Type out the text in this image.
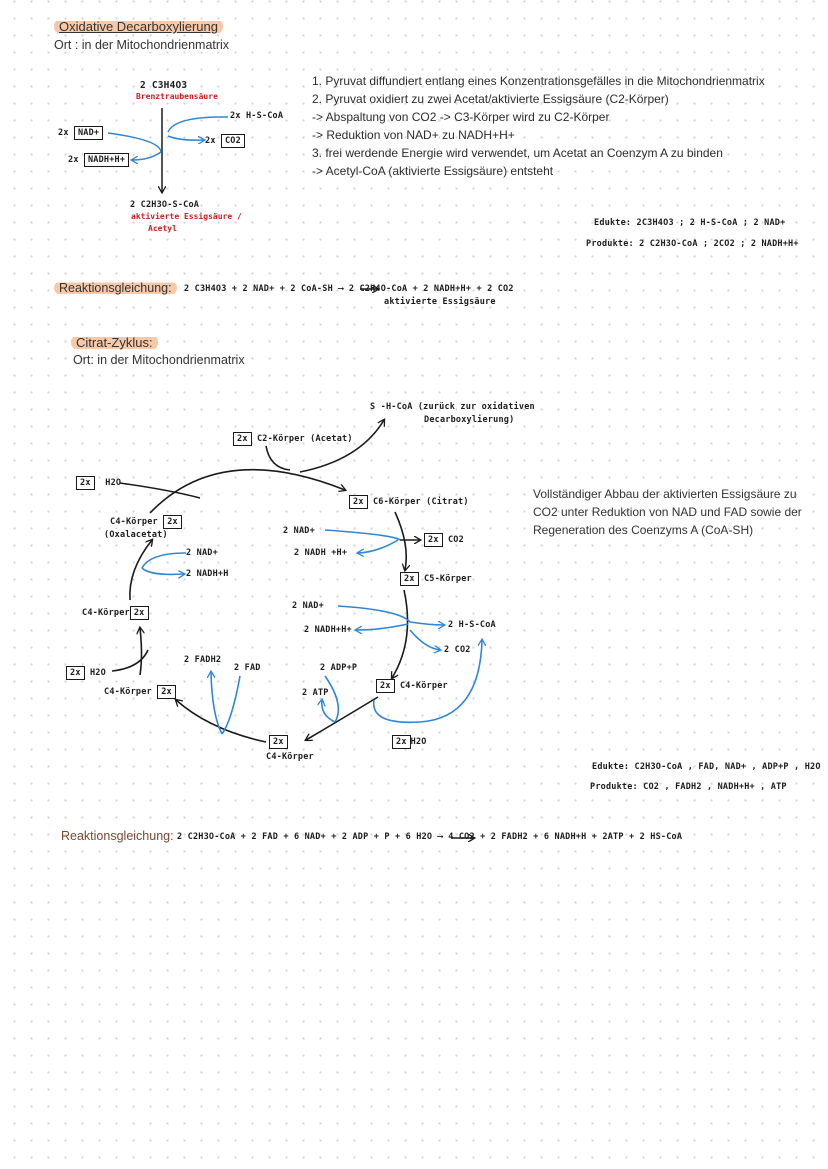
Oxidative Decarboxylierung
Ort : in der Mitochondrienmatrix
2 C3H4O3
Brenztraubensäure
2x H-S-CoA
2x CO2
2x NAD+
2x NADH+H+
2 C2H3O-S-CoA
aktivierte Essigsäure /
Acetyl
1. Pyruvat diffundiert entlang eines Konzentrationsgefälles in die Mitochondrienmatrix
2. Pyruvat oxidiert zu zwei Acetat/aktivierte Essigsäure (C2-Körper)
-> Abspaltung von CO2 -> C3-Körper wird zu C2-Körper
-> Reduktion von NAD+ zu NADH+H+
3. frei werdende Energie wird verwendet, um Acetat an Coenzym A zu binden
-> Acetyl-CoA (aktivierte Essigsäure) entsteht
Edukte: 2C3H4O3 ; 2 H-S-CoA ; 2 NAD+
Produkte: 2 C2H3O-CoA ; 2CO2 ; 2 NADH+H+
Reaktionsgleichung:	2 C3H4O3 + 2 NAD+ + 2 CoA-SH ⟶ 2 C2H4O-CoA + 2 NADH+H+ + 2 CO2
aktivierte Essigsäure
Citrat-Zyklus:
Ort: in der Mitochondrienmatrix
S -H-CoA (zurück zur oxidativen
Decarboxylierung)
2x C2-Körper (Acetat)
2x H2O
2x C6-Körper (Citrat)
C4-Körper 2x
(Oxalacetat)
2 NAD+
2 NADH+H
2 NAD+
2 NADH +H+
2x CO2
2x C5-Körper
C4-Körper 2x
2 NAD+
2 NADH+H+	2 H-S-CoA
2 CO2
2x H2O
2 FADH2
2 FAD	2 ADP+P
2 ATP
C4-Körper 2x
2x C4-Körper
2x H2O
2x
C4-Körper
Vollständiger Abbau der aktivierten Essigsäure zu CO2 unter Reduktion von NAD und FAD sowie der Regeneration des Coenzyms A (CoA-SH)
Edukte: C2H3O-CoA , FAD, NAD+ , ADP+P , H2O
Produkte: CO2 , FADH2 , NADH+H+ , ATP
Reaktionsgleichung: 2 C2H3O-CoA + 2 FAD + 6 NAD+ + 2 ADP + P + 6 H2O ⟶ 4 CO2 + 2 FADH2 + 6 NADH+H + 2ATP + 2 HS-CoA
